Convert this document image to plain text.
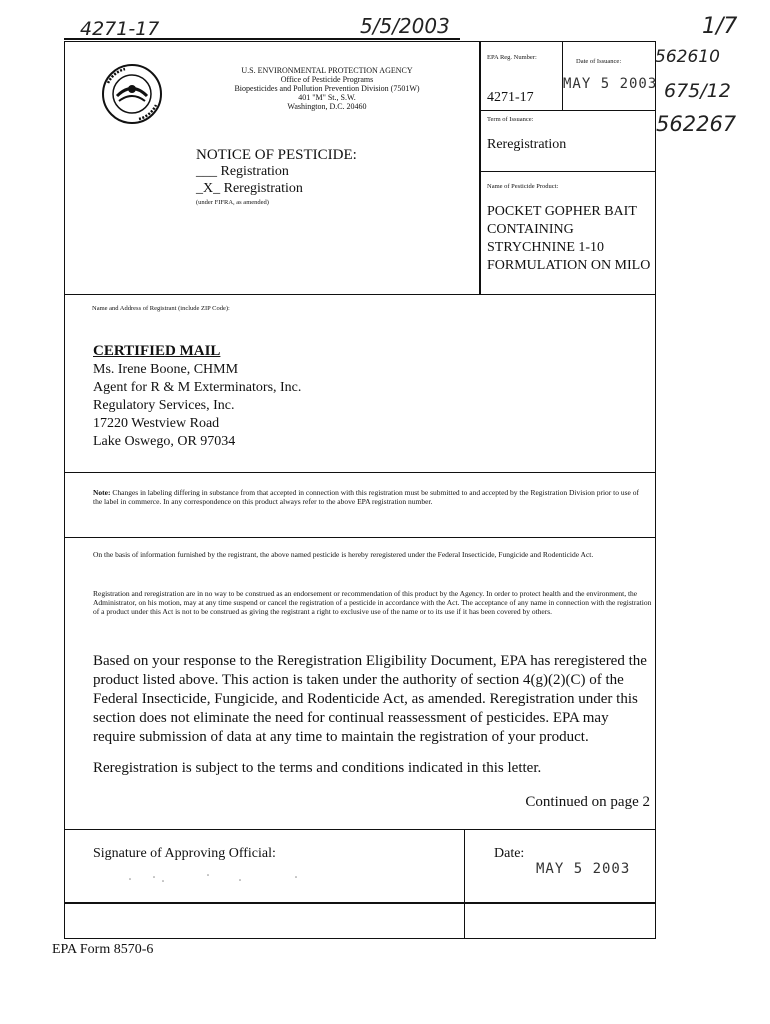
4271-17	5/5/2003	1/7
562610
675/12
562267
U.S. ENVIRONMENTAL PROTECTION AGENCY
Office of Pesticide Programs
Biopesticides and Pollution Prevention Division (7501W)
401 "M" St., S.W.
Washington, D.C. 20460
NOTICE OF PESTICIDE:
___ Registration
_X_ Reregistration
(under FIFRA, as amended)
EPA Reg. Number:
4271-17
Date of Issuance:
MAY 5 2003
Term of Issuance:
Reregistration
Name of Pesticide Product:
POCKET GOPHER BAIT CONTAINING STRYCHNINE 1-10 FORMULATION ON MILO
Name and Address of Registrant (include ZIP Code):
CERTIFIED MAIL
Ms. Irene Boone, CHMM
Agent for R & M Exterminators, Inc.
Regulatory Services, Inc.
17220 Westview Road
Lake Oswego, OR 97034
Note: Changes in labeling differing in substance from that accepted in connection with this registration must be submitted to and accepted by the Registration Division prior to use of the label in commerce. In any correspondence on this product always refer to the above EPA registration number.
On the basis of information furnished by the registrant, the above named pesticide is hereby reregistered under the Federal Insecticide, Fungicide and Rodenticide Act.
Registration and reregistration are in no way to be construed as an endorsement or recommendation of this product by the Agency. In order to protect health and the environment, the Administrator, on his motion, may at any time suspend or cancel the registration of a pesticide in accordance with the Act. The acceptance of any name in connection with the registration of a product under this Act is not to be construed as giving the registrant a right to exclusive use of the name or to its use if it has been covered by others.
Based on your response to the Reregistration Eligibility Document, EPA has reregistered the product listed above. This action is taken under the authority of section 4(g)(2)(C) of the Federal Insecticide, Fungicide, and Rodenticide Act, as amended. Reregistration under this section does not eliminate the need for continual reassessment of pesticides. EPA may require submission of data at any time to maintain the registration of your product.
Reregistration is subject to the terms and conditions indicated in this letter.
Continued on page 2
Signature of Approving Official:	Date:
MAY 5 2003
EPA Form 8570-6
